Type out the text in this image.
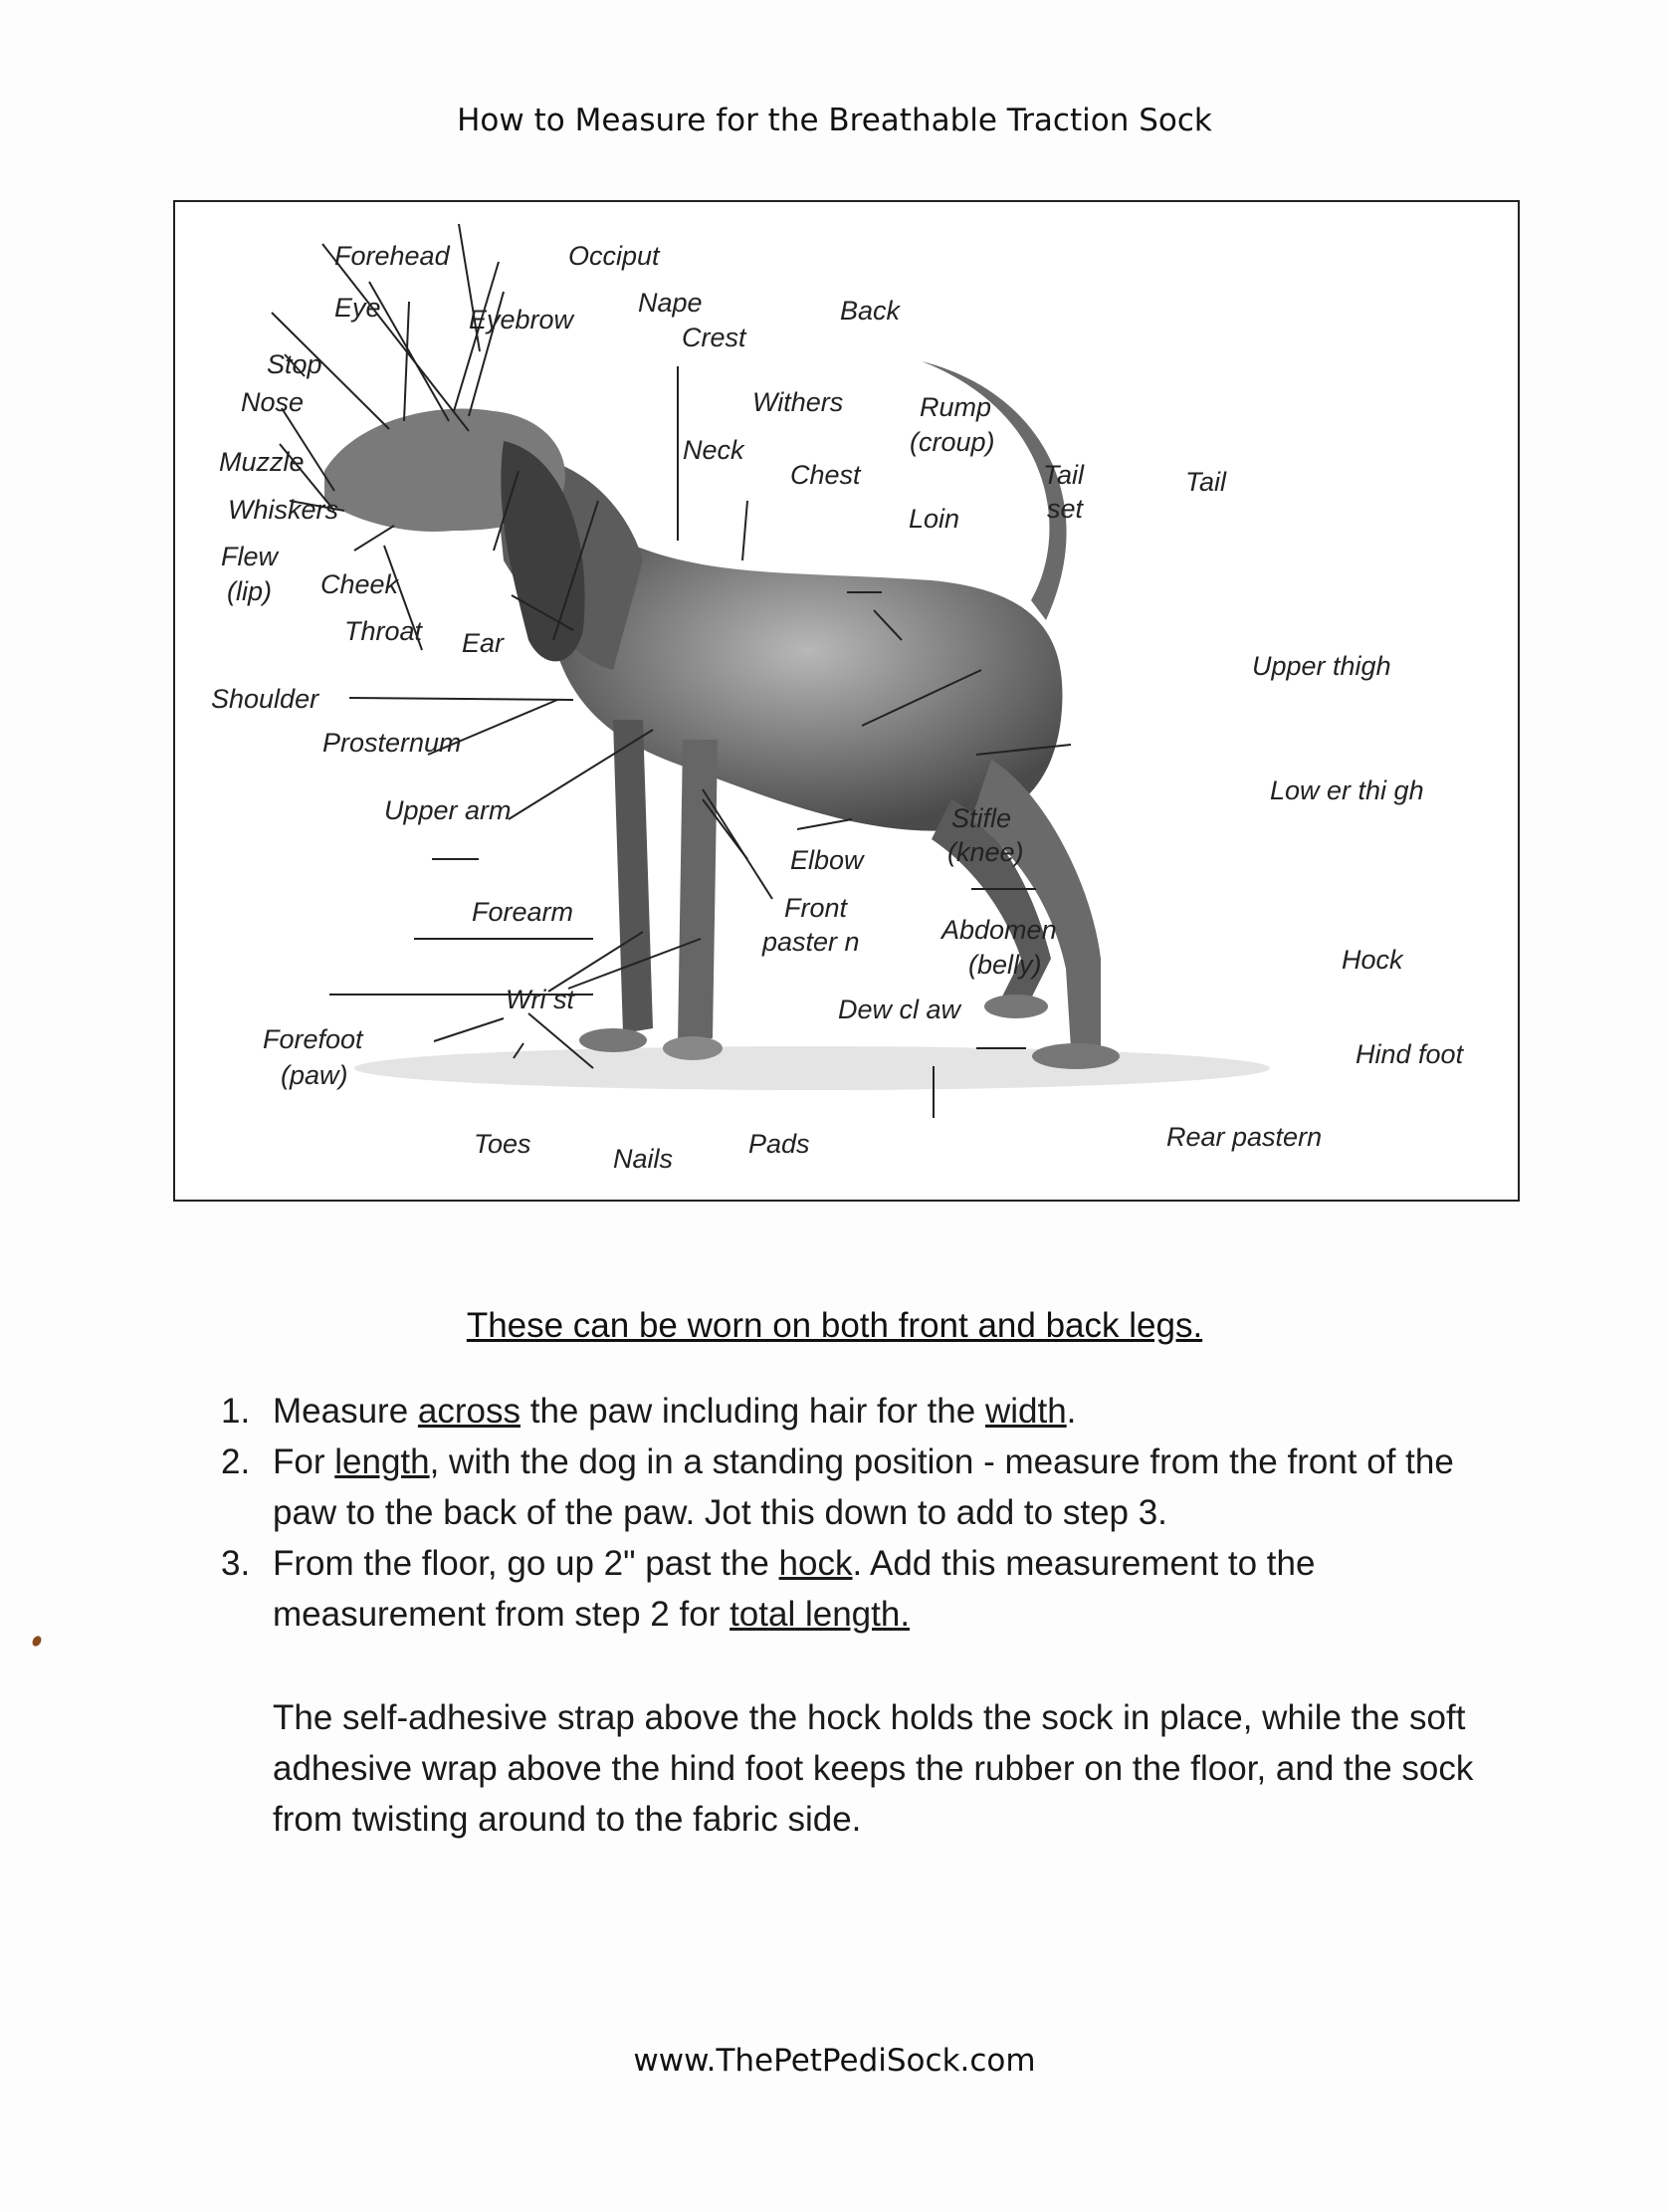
How to Measure for the Breathable Traction Sock
Forehead	Occiput
Eye	Eyebrow
Nape
Crest
Back
Stop
Nose	Withers	Rump
(croup)
Neck
Chest
Muzzle
Whiskers
Tail
set
Tail
Loin
Flew
(lip) Cheek
Throat Ear
Upper thigh
Shoulder
Prosternum
Upper arm
Low er thi gh
Stifle
(knee)
Elbow
Forearm	Front
paster n	Abdomen
(belly)	Hock
Wri st	Dew cl aw
Forefoot
(paw)
Hind foot
Rear pastern
Toes	Nails	Pads
These can be worn on both front and back legs.
1. Measure across the paw including hair for the width.
2. For length, with the dog in a standing position - measure from the front of the paw to the back of the paw. Jot this down to add to step 3.
3. From the floor, go up 2" past the hock. Add this measurement to the measurement from step 2 for total length.
The self-adhesive strap above the hock holds the sock in place, while the soft adhesive wrap above the hind foot keeps the rubber on the floor, and the sock from twisting around to the fabric side.
www.ThePetPediSock.com
